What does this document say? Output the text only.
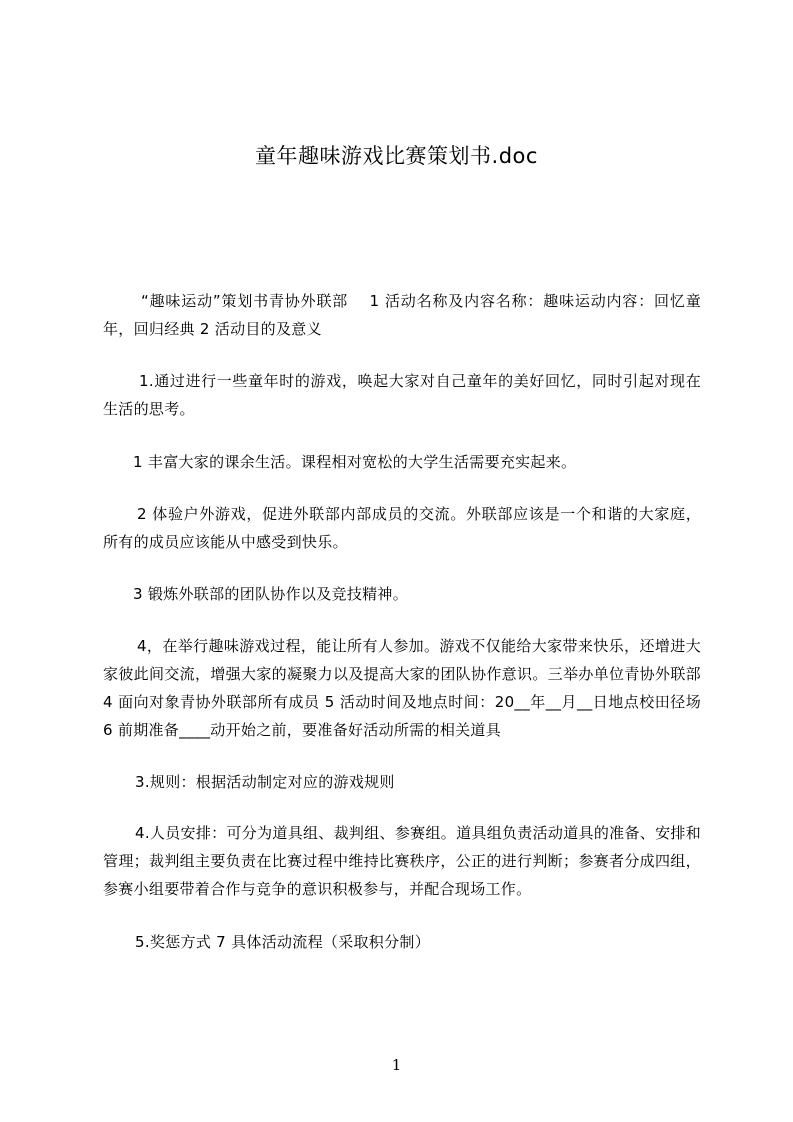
童年趣味游戏比赛策划书.doc

“趣味运动”策划书青协外联部　 1 活动名称及内容名称：趣味运动内容：回忆童年，回归经典 2 活动目的及意义

1.通过进行一些童年时的游戏，唤起大家对自己童年的美好回忆，同时引起对现在生活的思考。

1 丰富大家的课余生活。课程相对宽松的大学生活需要充实起来。

2 体验户外游戏，促进外联部内部成员的交流。外联部应该是一个和谐的大家庭，所有的成员应该能从中感受到快乐。

3 锻炼外联部的团队协作以及竞技精神。

4，在举行趣味游戏过程，能让所有人参加。游戏不仅能给大家带来快乐，还增进大家彼此间交流，增强大家的凝聚力以及提高大家的团队协作意识。三举办单位青协外联部 4 面向对象青协外联部所有成员 5 活动时间及地点时间：20__年__月__日地点校田径场 6 前期准备____动开始之前，要准备好活动所需的相关道具

3.规则：根据活动制定对应的游戏规则

4.人员安排：可分为道具组、裁判组、参赛组。道具组负责活动道具的准备、安排和管理；裁判组主要负责在比赛过程中维持比赛秩序，公正的进行判断；参赛者分成四组，参赛小组要带着合作与竞争的意识积极参与，并配合现场工作。

5.奖惩方式 7 具体活动流程（采取积分制）

1
